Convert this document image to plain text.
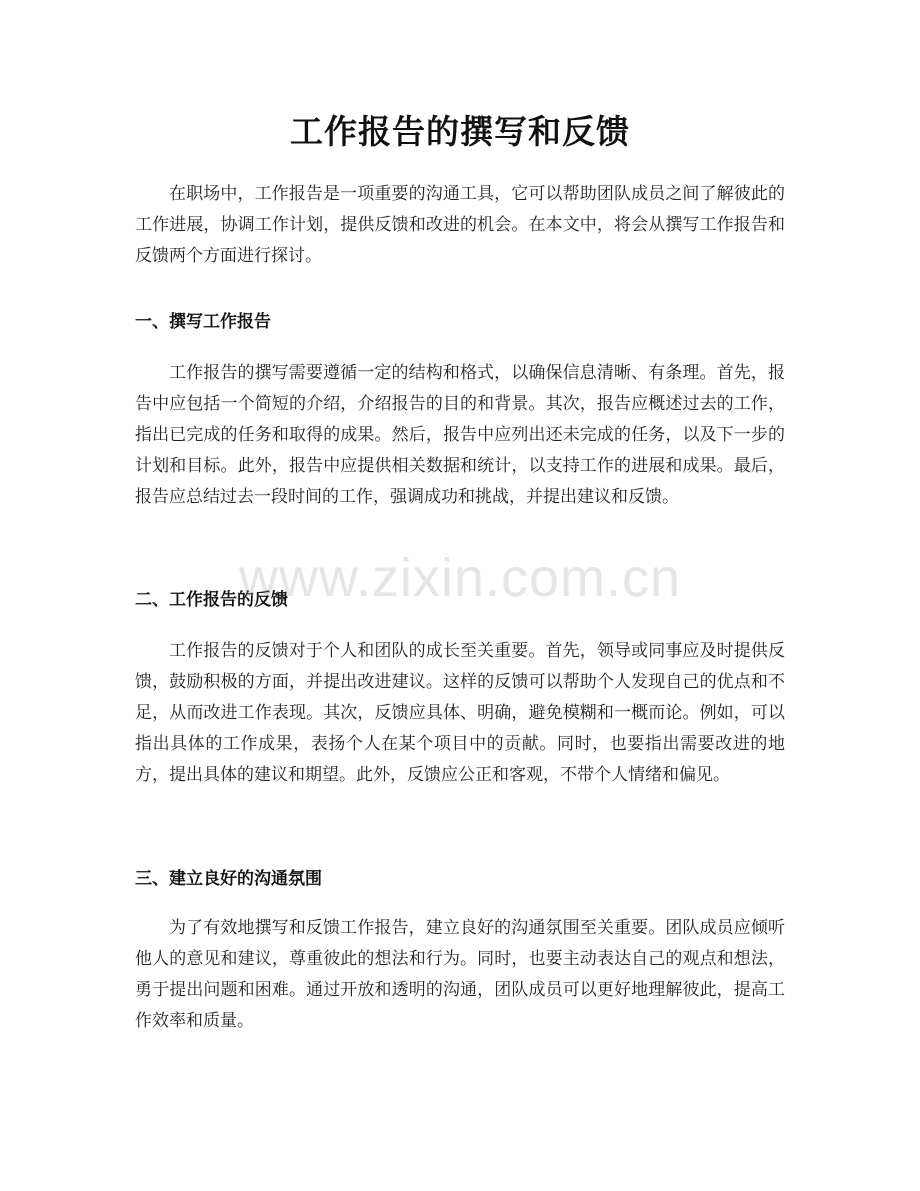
工作报告的撰写和反馈
在职场中，工作报告是一项重要的沟通工具，它可以帮助团队成员之间了解彼此的工作进展，协调工作计划，提供反馈和改进的机会。在本文中，将会从撰写工作报告和反馈两个方面进行探讨。
一、撰写工作报告
工作报告的撰写需要遵循一定的结构和格式，以确保信息清晰、有条理。首先，报告中应包括一个简短的介绍，介绍报告的目的和背景。其次，报告应概述过去的工作，指出已完成的任务和取得的成果。然后，报告中应列出还未完成的任务，以及下一步的计划和目标。此外，报告中应提供相关数据和统计，以支持工作的进展和成果。最后，报告应总结过去一段时间的工作，强调成功和挑战，并提出建议和反馈。
二、工作报告的反馈
工作报告的反馈对于个人和团队的成长至关重要。首先，领导或同事应及时提供反馈，鼓励积极的方面，并提出改进建议。这样的反馈可以帮助个人发现自己的优点和不足，从而改进工作表现。其次，反馈应具体、明确，避免模糊和一概而论。例如，可以指出具体的工作成果，表扬个人在某个项目中的贡献。同时，也要指出需要改进的地方，提出具体的建议和期望。此外，反馈应公正和客观，不带个人情绪和偏见。
三、建立良好的沟通氛围
为了有效地撰写和反馈工作报告，建立良好的沟通氛围至关重要。团队成员应倾听他人的意见和建议，尊重彼此的想法和行为。同时，也要主动表达自己的观点和想法，勇于提出问题和困难。通过开放和透明的沟通，团队成员可以更好地理解彼此，提高工作效率和质量。
www.zixin.com.cn
